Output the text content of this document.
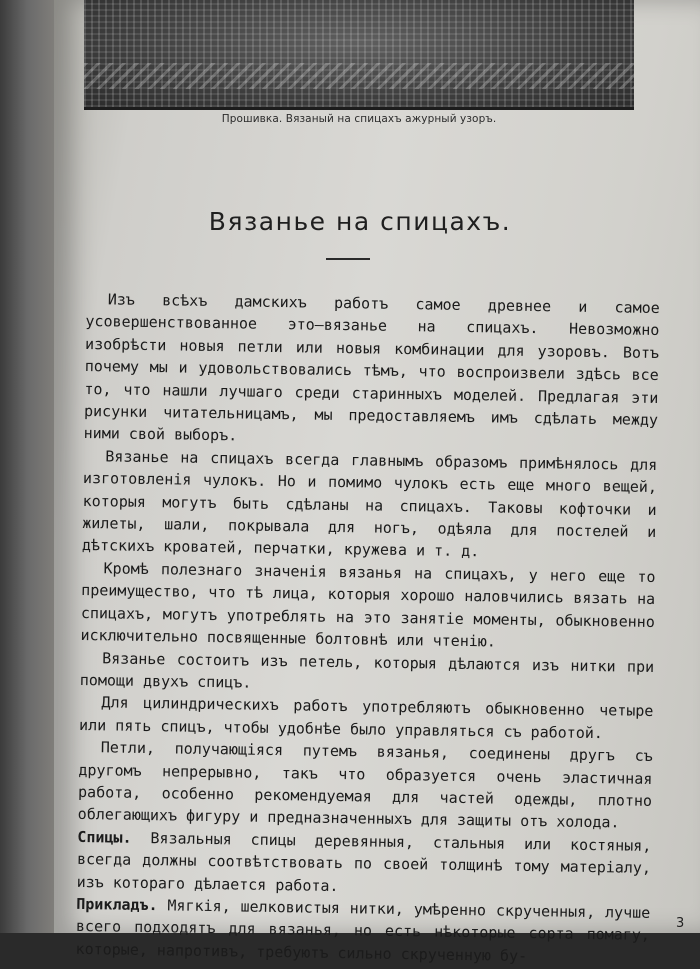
Прошивка. Вязаный на спицахъ ажурный узоръ.
Вязанье на спицахъ.

Изъ всѣхъ дамскихъ работъ самое древнее и самое усовершенствованное это—вязанье на спицахъ. Невозможно изобрѣсти новыя петли или новыя комбинации для узоровъ. Вотъ почему мы и удовольствовались тѣмъ, что воспроизвели здѣсь все то, что нашли лучшаго среди старинныхъ моделей. Предлагая эти рисунки читательницамъ, мы предоставляемъ имъ сдѣлать между ними свой выборъ.

Вязанье на спицахъ всегда главнымъ образомъ примѣнялось для изготовленія чулокъ. Но и помимо чулокъ есть еще много вещей, которыя могутъ быть сдѣланы на спицахъ. Таковы кофточки и жилеты, шали, покрывала для ногъ, одѣяла для постелей и дѣтскихъ кроватей, перчатки, кружева и т. д.

Кромѣ полезнаго значенія вязанья на спицахъ, у него еще то преимущество, что тѣ лица, которыя хорошо наловчились вязать на спицахъ, могутъ употреблять на это занятіе моменты, обыкновенно исключительно посвященные болтовнѣ или чтенію.

Вязанье состоитъ изъ петель, которыя дѣлаются изъ нитки при помощи двухъ спицъ.

Для цилиндрическихъ работъ употребляютъ обыкновенно четыре или пять спицъ, чтобы удобнѣе было управляться съ работой.

Петли, получающіяся путемъ вязанья, соединены другъ съ другомъ непрерывно, такъ что образуется очень эластичная работа, особенно рекомендуемая для частей одежды, плотно облегающихъ фигуру и предназначенныхъ для защиты отъ холода.

Спицы. Вязальныя спицы деревянныя, стальныя или костяныя, всегда должны соотвѣтствовать по своей толщинѣ тому матеріалу, изъ котораго дѣлается работа.

Прикладъ. Мягкія, шелковистыя нитки, умѣренно скрученныя, лучше всего подходятъ для вязанья, но есть нѣкоторые сорта помагу, которые, напротивъ, требуютъ сильно скрученную бу-

3
